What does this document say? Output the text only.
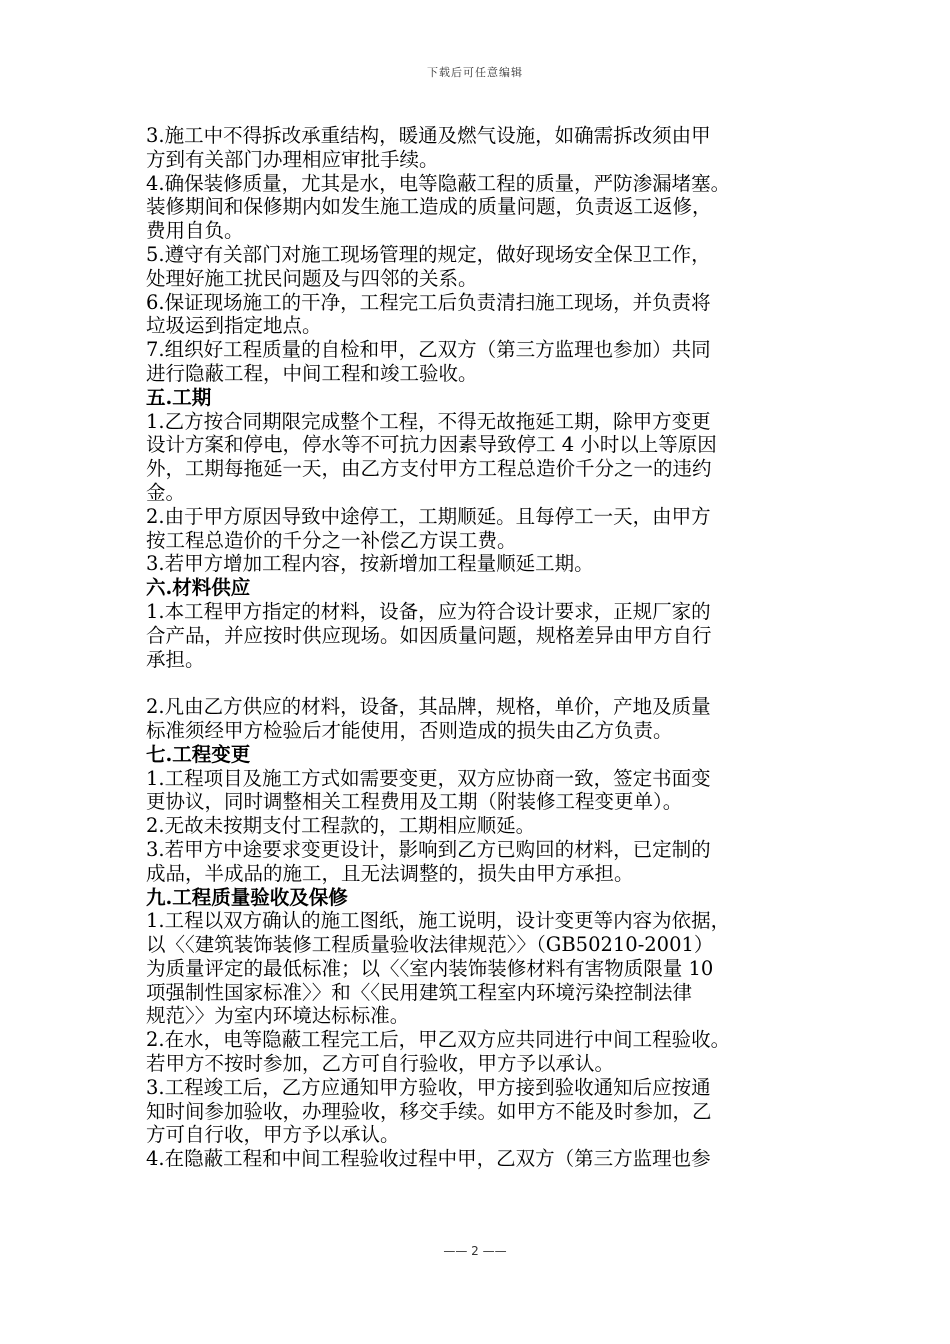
下载后可任意编辑
3.施工中不得拆改承重结构，暖通及燃气设施，如确需拆改须由甲
方到有关部门办理相应审批手续。
4.确保装修质量，尤其是水，电等隐蔽工程的质量，严防渗漏堵塞。
装修期间和保修期内如发生施工造成的质量问题，负责返工返修，
费用自负。
5.遵守有关部门对施工现场管理的规定，做好现场安全保卫工作，
处理好施工扰民问题及与四邻的关系。
6.保证现场施工的干净，工程完工后负责清扫施工现场，并负责将
垃圾运到指定地点。
7.组织好工程质量的自检和甲，乙双方（第三方监理也参加）共同
进行隐蔽工程，中间工程和竣工验收。
五.工期
1.乙方按合同期限完成整个工程，不得无故拖延工期，除甲方变更
设计方案和停电，停水等不可抗力因素导致停工 4 小时以上等原因
外，工期每拖延一天，由乙方支付甲方工程总造价千分之一的违约
金。
2.由于甲方原因导致中途停工，工期顺延。且每停工一天，由甲方
按工程总造价的千分之一补偿乙方误工费。
3.若甲方增加工程内容，按新增加工程量顺延工期。
六.材料供应
1.本工程甲方指定的材料，设备，应为符合设计要求，正规厂家的
合产品，并应按时供应现场。如因质量问题，规格差异由甲方自行
承担。
2.凡由乙方供应的材料，设备，其品牌，规格，单价，产地及质量
标准须经甲方检验后才能使用，否则造成的损失由乙方负责。
七.工程变更
1.工程项目及施工方式如需要变更，双方应协商一致，签定书面变
更协议，同时调整相关工程费用及工期（附装修工程变更单）。
2.无故未按期支付工程款的，工期相应顺延。
3.若甲方中途要求变更设计，影响到乙方已购回的材料，已定制的
成品，半成品的施工，且无法调整的，损失由甲方承担。
九.工程质量验收及保修
1.工程以双方确认的施工图纸，施工说明，设计变更等内容为依据，
以〈〈建筑装饰装修工程质量验收法律规范〉〉（GB50210-2001）
为质量评定的最低标准；以〈〈室内装饰装修材料有害物质限量 10
项强制性国家标准〉〉和〈〈民用建筑工程室内环境污染控制法律
规范〉〉为室内环境达标标准。
2.在水，电等隐蔽工程完工后，甲乙双方应共同进行中间工程验收。
若甲方不按时参加，乙方可自行验收，甲方予以承认。
3.工程竣工后，乙方应通知甲方验收，甲方接到验收通知后应按通
知时间参加验收，办理验收，移交手续。如甲方不能及时参加，乙
方可自行收，甲方予以承认。
4.在隐蔽工程和中间工程验收过程中甲，乙双方（第三方监理也参
—— 2 ——
